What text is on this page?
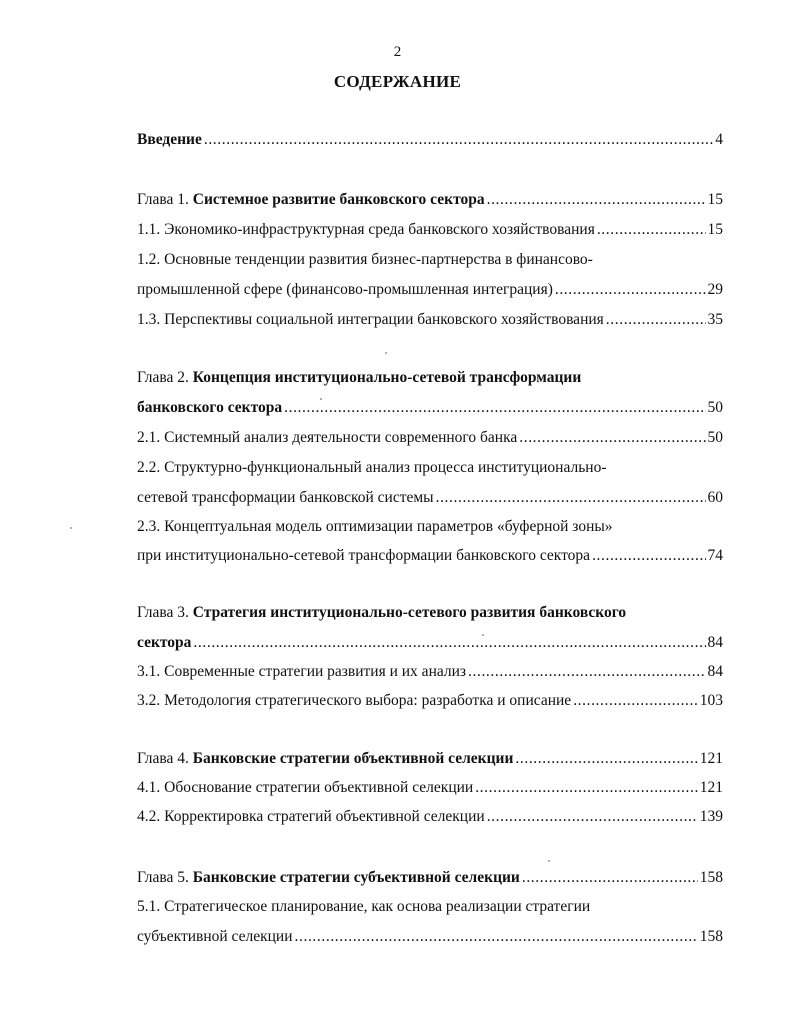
2
СОДЕРЖАНИЕ
Введение .....	4
Глава 1. Системное развитие банковского сектора .....	15
1.1. Экономико-инфраструктурная среда банковского хозяйствования .....	15
1.2. Основные тенденции развития бизнес-партнерства в финансово-
промышленной сфере (финансово-промышленная интеграция) .....	29
1.3. Перспективы социальной интеграции банковского хозяйствования .....	35
Глава 2. Концепция институционально-сетевой трансформации
банковского сектора .....	50
2.1. Системный анализ деятельности современного банка .....	50
2.2. Структурно-функциональный анализ процесса институционально-
сетевой трансформации банковской системы .....	60
2.3. Концептуальная модель оптимизации параметров «буферной зоны»
при институционально-сетевой трансформации банковского сектора .....	74
Глава 3. Стратегия институционально-сетевого развития банковского
сектора .....	84
3.1. Современные стратегии развития и их анализ .....	84
3.2. Методология стратегического выбора: разработка и описание .....	103
Глава 4. Банковские стратегии объективной селекции .....	121
4.1. Обоснование стратегии объективной селекции .....	121
4.2. Корректировка стратегий объективной селекции .....	139
Глава 5. Банковские стратегии субъективной селекции .....	158
5.1. Стратегическое планирование, как основа реализации стратегии
субъективной селекции .....	158
